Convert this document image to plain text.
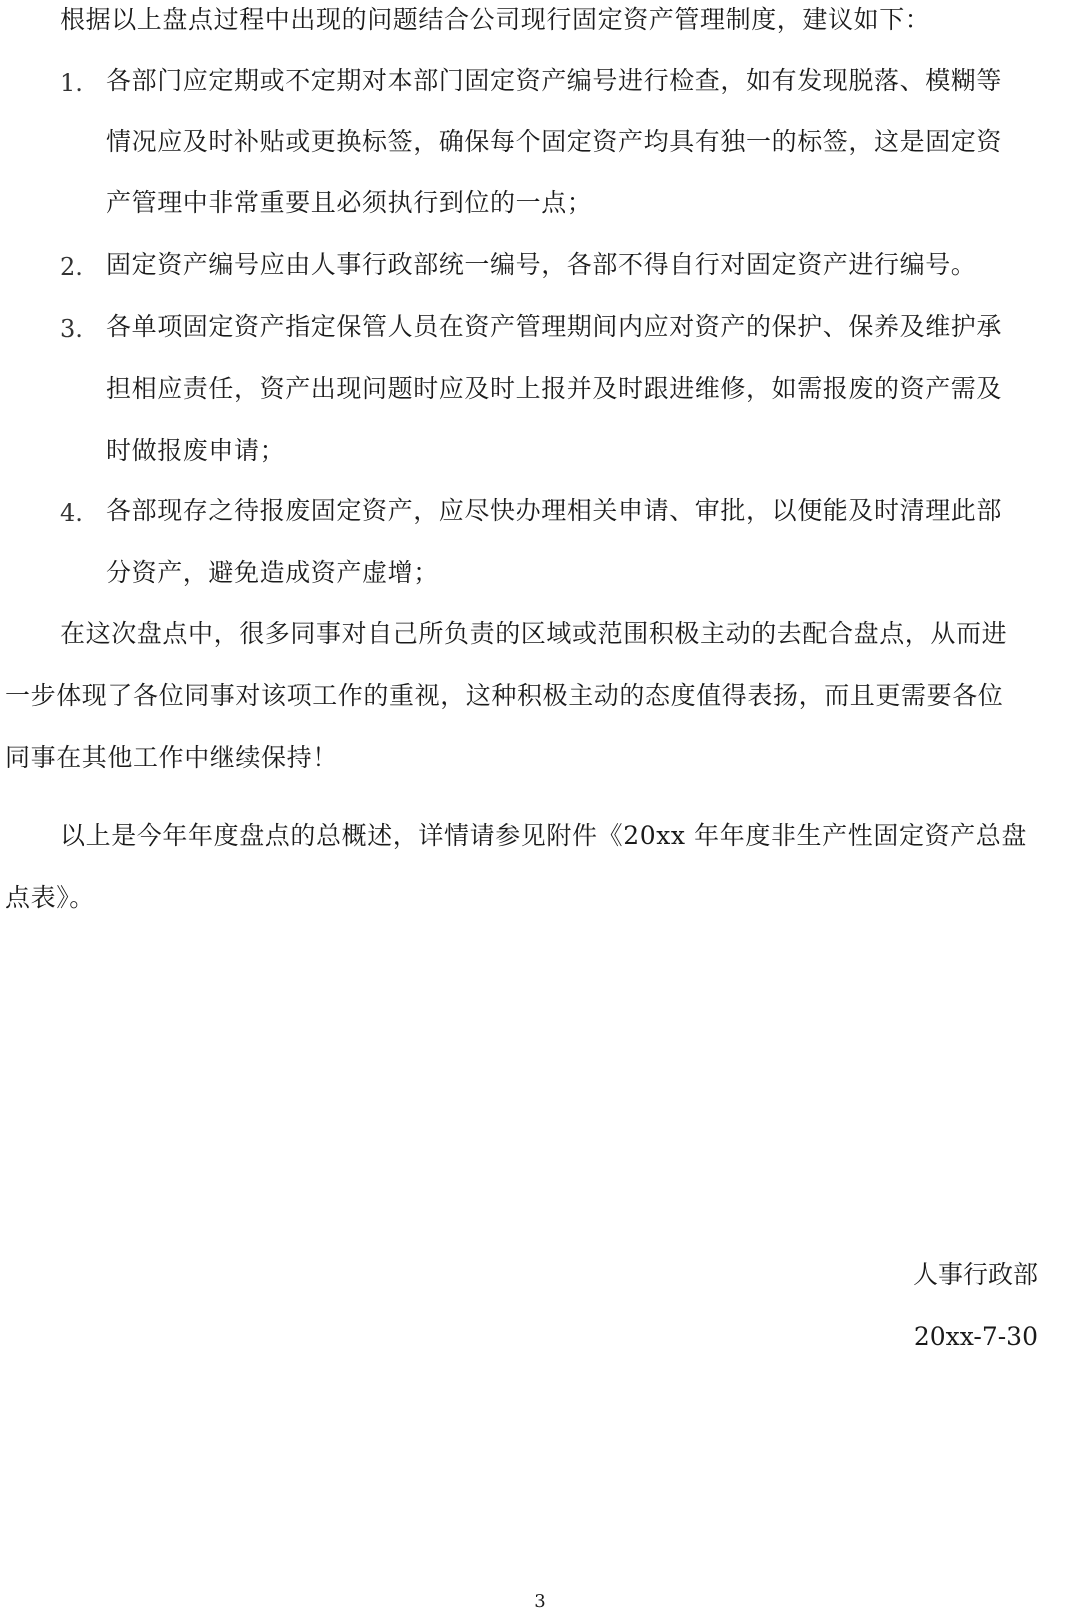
根据以上盘点过程中出现的问题结合公司现行固定资产管理制度，建议如下：
1. 各部门应定期或不定期对本部门固定资产编号进行检查，如有发现脱落、模糊等
情况应及时补贴或更换标签，确保每个固定资产均具有独一的标签，这是固定资
产管理中非常重要且必须执行到位的一点；
2. 固定资产编号应由人事行政部统一编号，各部不得自行对固定资产进行编号。
3. 各单项固定资产指定保管人员在资产管理期间内应对资产的保护、保养及维护承
担相应责任，资产出现问题时应及时上报并及时跟进维修，如需报废的资产需及
时做报废申请；
4. 各部现存之待报废固定资产，应尽快办理相关申请、审批，以便能及时清理此部
分资产，避免造成资产虚增；
在这次盘点中，很多同事对自己所负责的区域或范围积极主动的去配合盘点，从而进
一步体现了各位同事对该项工作的重视，这种积极主动的态度值得表扬，而且更需要各位
同事在其他工作中继续保持！
以上是今年年度盘点的总概述，详情请参见附件《20xx 年年度非生产性固定资产总盘
点表》。
人事行政部
20xx-7-30
3
